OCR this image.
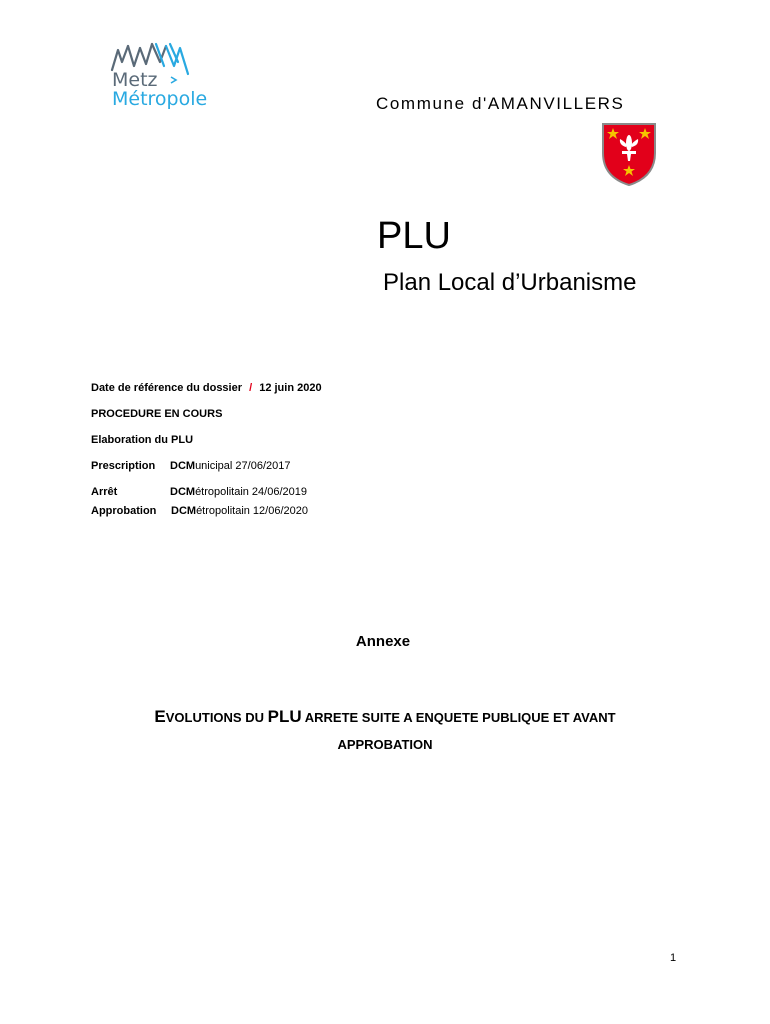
Metz
Métropole	Commune d'AMANVILLERS
PLU
Plan Local d’Urbanisme
Date de référence du dossier / 12 juin 2020
PROCEDURE EN COURS
Elaboration du PLU
Prescription DCMunicipal 27/06/2017
Arrêt	DCMétropolitain 24/06/2019
Approbation DCMétropolitain 12/06/2020
Annexe
EVOLUTIONS DU PLU ARRETE SUITE A ENQUETE PUBLIQUE ET AVANT
APPROBATION
1
